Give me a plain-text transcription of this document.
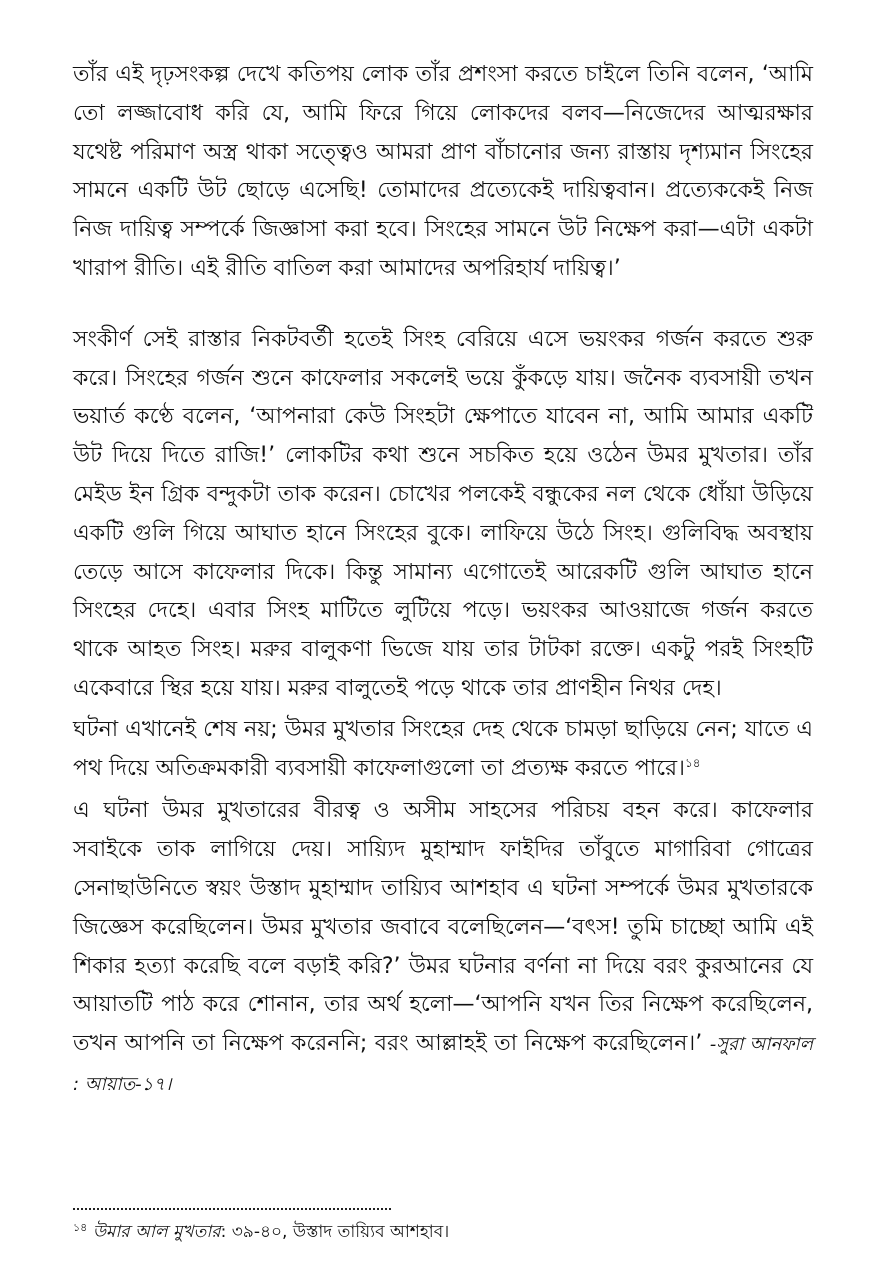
তাঁর এই দৃঢ়সংকল্প দেখে কতিপয় লোক তাঁর প্রশংসা করতে চাইলে তিনি বলেন, ‘আমি তো লজ্জাবোধ করি যে, আমি ফিরে গিয়ে লোকদের বলব—নিজেদের আত্মরক্ষার যথেষ্ট পরিমাণ অস্ত্র থাকা সত্ত্বেও আমরা প্রাণ বাঁচানোর জন্য রাস্তায় দৃশ্যমান সিংহের সামনে একটি উট ছোড়ে এসেছি! তোমাদের প্রত্যেকেই দায়িত্ববান। প্রত্যেককেই নিজ নিজ দায়িত্ব সম্পর্কে জিজ্ঞাসা করা হবে। সিংহের সামনে উট নিক্ষেপ করা—এটা একটা খারাপ রীতি। এই রীতি বাতিল করা আমাদের অপরিহার্য দায়িত্ব।’

সংকীর্ণ সেই রাস্তার নিকটবর্তী হতেই সিংহ বেরিয়ে এসে ভয়ংকর গর্জন করতে শুরু করে। সিংহের গর্জন শুনে কাফেলার সকলেই ভয়ে কুঁকড়ে যায়। জনৈক ব্যবসায়ী তখন ভয়ার্ত কণ্ঠে বলেন, ‘আপনারা কেউ সিংহটা ক্ষেপাতে যাবেন না, আমি আমার একটি উট দিয়ে দিতে রাজি!’ লোকটির কথা শুনে সচকিত হয়ে ওঠেন উমর মুখতার। তাঁর মেইড ইন গ্রিক বন্দুকটা তাক করেন। চোখের পলকেই বন্ধুকের নল থেকে ধোঁয়া উড়িয়ে একটি গুলি গিয়ে আঘাত হানে সিংহের বুকে। লাফিয়ে উঠে সিংহ। গুলিবিদ্ধ অবস্থায় তেড়ে আসে কাফেলার দিকে। কিন্তু সামান্য এগোতেই আরেকটি গুলি আঘাত হানে সিংহের দেহে। এবার সিংহ মাটিতে লুটিয়ে পড়ে। ভয়ংকর আওয়াজে গর্জন করতে থাকে আহত সিংহ। মরুর বালুকণা ভিজে যায় তার টাটকা রক্তে। একটু পরই সিংহটি একেবারে স্থির হয়ে যায়। মরুর বালুতেই পড়ে থাকে তার প্রাণহীন নিথর দেহ।

ঘটনা এখানেই শেষ নয়; উমর মুখতার সিংহের দেহ থেকে চামড়া ছাড়িয়ে নেন; যাতে এ পথ দিয়ে অতিক্রমকারী ব্যবসায়ী কাফেলাগুলো তা প্রত্যক্ষ করতে পারে।$^{১৪}$

এ ঘটনা উমর মুখতারের বীরত্ব ও অসীম সাহসের পরিচয় বহন করে। কাফেলার সবাইকে তাক লাগিয়ে দেয়। সায়্যিদ মুহাম্মাদ ফাইদির তাঁবুতে মাগারিবা গোত্রের সেনাছাউনিতে স্বয়ং উস্তাদ মুহাম্মাদ তায়্যিব আশহাব এ ঘটনা সম্পর্কে উমর মুখতারকে জিজ্ঞেস করেছিলেন। উমর মুখতার জবাবে বলেছিলেন—‘বৎস! তুমি চাচ্ছো আমি এই শিকার হত্যা করেছি বলে বড়াই করি?’ উমর ঘটনার বর্ণনা না দিয়ে বরং কুরআনের যে আয়াতটি পাঠ করে শোনান, তার অর্থ হলো—‘আপনি যখন তির নিক্ষেপ করেছিলেন, তখন আপনি তা নিক্ষেপ করেননি; বরং আল্লাহই তা নিক্ষেপ করেছিলেন।’ -সুরা আনফাল : আয়াত-১৭।

$^{১৪}$ উমার আল মুখতার: ৩৯-৪০, উস্তাদ তায়্যিব আশহাব।
